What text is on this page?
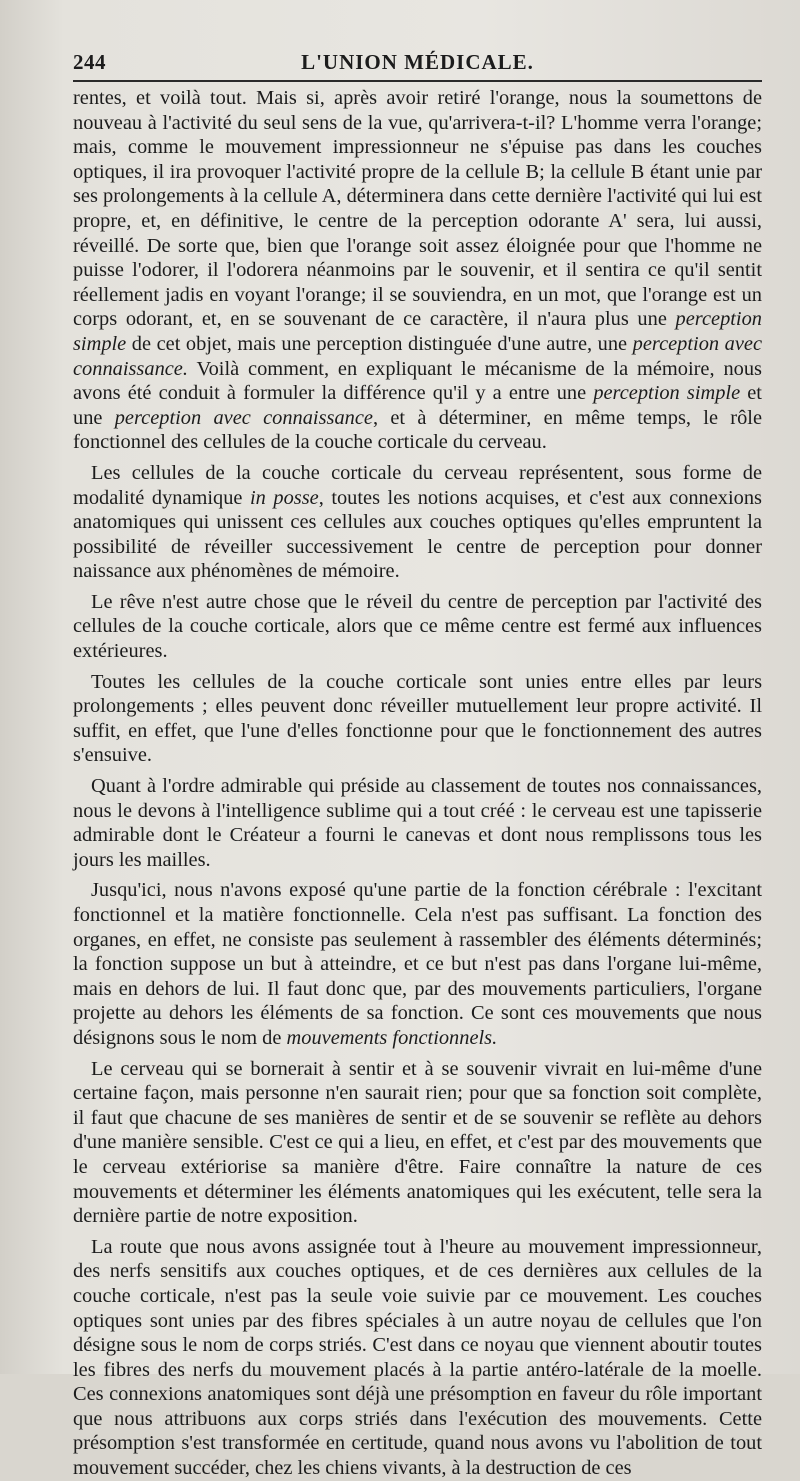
244	L'UNION MÉDICALE.

rentes, et voilà tout. Mais si, après avoir retiré l'orange, nous la soumettons de nouveau à l'activité du seul sens de la vue, qu'arrivera-t-il? L'homme verra l'orange; mais, comme le mouvement impressionneur ne s'épuise pas dans les couches optiques, il ira provoquer l'activité propre de la cellule B; la cellule B étant unie par ses prolongements à la cellule A, déterminera dans cette dernière l'activité qui lui est propre, et, en définitive, le centre de la perception odorante A' sera, lui aussi, réveillé. De sorte que, bien que l'orange soit assez éloignée pour que l'homme ne puisse l'odorer, il l'odorera néanmoins par le souvenir, et il sentira ce qu'il sentit réellement jadis en voyant l'orange; il se souviendra, en un mot, que l'orange est un corps odorant, et, en se souvenant de ce caractère, il n'aura plus une perception simple de cet objet, mais une perception distinguée d'une autre, une perception avec connaissance. Voilà comment, en expliquant le mécanisme de la mémoire, nous avons été conduit à formuler la différence qu'il y a entre une perception simple et une perception avec connaissance, et à déterminer, en même temps, le rôle fonctionnel des cellules de la couche corticale du cerveau.

Les cellules de la couche corticale du cerveau représentent, sous forme de modalité dynamique in posse, toutes les notions acquises, et c'est aux connexions anatomiques qui unissent ces cellules aux couches optiques qu'elles empruntent la possibilité de réveiller successivement le centre de perception pour donner naissance aux phénomènes de mémoire.

Le rêve n'est autre chose que le réveil du centre de perception par l'activité des cellules de la couche corticale, alors que ce même centre est fermé aux influences extérieures.

Toutes les cellules de la couche corticale sont unies entre elles par leurs prolongements ; elles peuvent donc réveiller mutuellement leur propre activité. Il suffit, en effet, que l'une d'elles fonctionne pour que le fonctionnement des autres s'ensuive.

Quant à l'ordre admirable qui préside au classement de toutes nos connaissances, nous le devons à l'intelligence sublime qui a tout créé : le cerveau est une tapisserie admirable dont le Créateur a fourni le canevas et dont nous remplissons tous les jours les mailles.

Jusqu'ici, nous n'avons exposé qu'une partie de la fonction cérébrale : l'excitant fonctionnel et la matière fonctionnelle. Cela n'est pas suffisant. La fonction des organes, en effet, ne consiste pas seulement à rassembler des éléments déterminés; la fonction suppose un but à atteindre, et ce but n'est pas dans l'organe lui-même, mais en dehors de lui. Il faut donc que, par des mouvements particuliers, l'organe projette au dehors les éléments de sa fonction. Ce sont ces mouvements que nous désignons sous le nom de mouvements fonctionnels.

Le cerveau qui se bornerait à sentir et à se souvenir vivrait en lui-même d'une certaine façon, mais personne n'en saurait rien; pour que sa fonction soit complète, il faut que chacune de ses manières de sentir et de se souvenir se reflète au dehors d'une manière sensible. C'est ce qui a lieu, en effet, et c'est par des mouvements que le cerveau extériorise sa manière d'être. Faire connaître la nature de ces mouvements et déterminer les éléments anatomiques qui les exécutent, telle sera la dernière partie de notre exposition.

La route que nous avons assignée tout à l'heure au mouvement impressionneur, des nerfs sensitifs aux couches optiques, et de ces dernières aux cellules de la couche corticale, n'est pas la seule voie suivie par ce mouvement. Les couches optiques sont unies par des fibres spéciales à un autre noyau de cellules que l'on désigne sous le nom de corps striés. C'est dans ce noyau que viennent aboutir toutes les fibres des nerfs du mouvement placés à la partie antéro-latérale de la moelle. Ces connexions anatomiques sont déjà une présomption en faveur du rôle important que nous attribuons aux corps striés dans l'exécution des mouvements. Cette présomption s'est transformée en certitude, quand nous avons vu l'abolition de tout mouvement succéder, chez les chiens vivants, à la destruction de ces
